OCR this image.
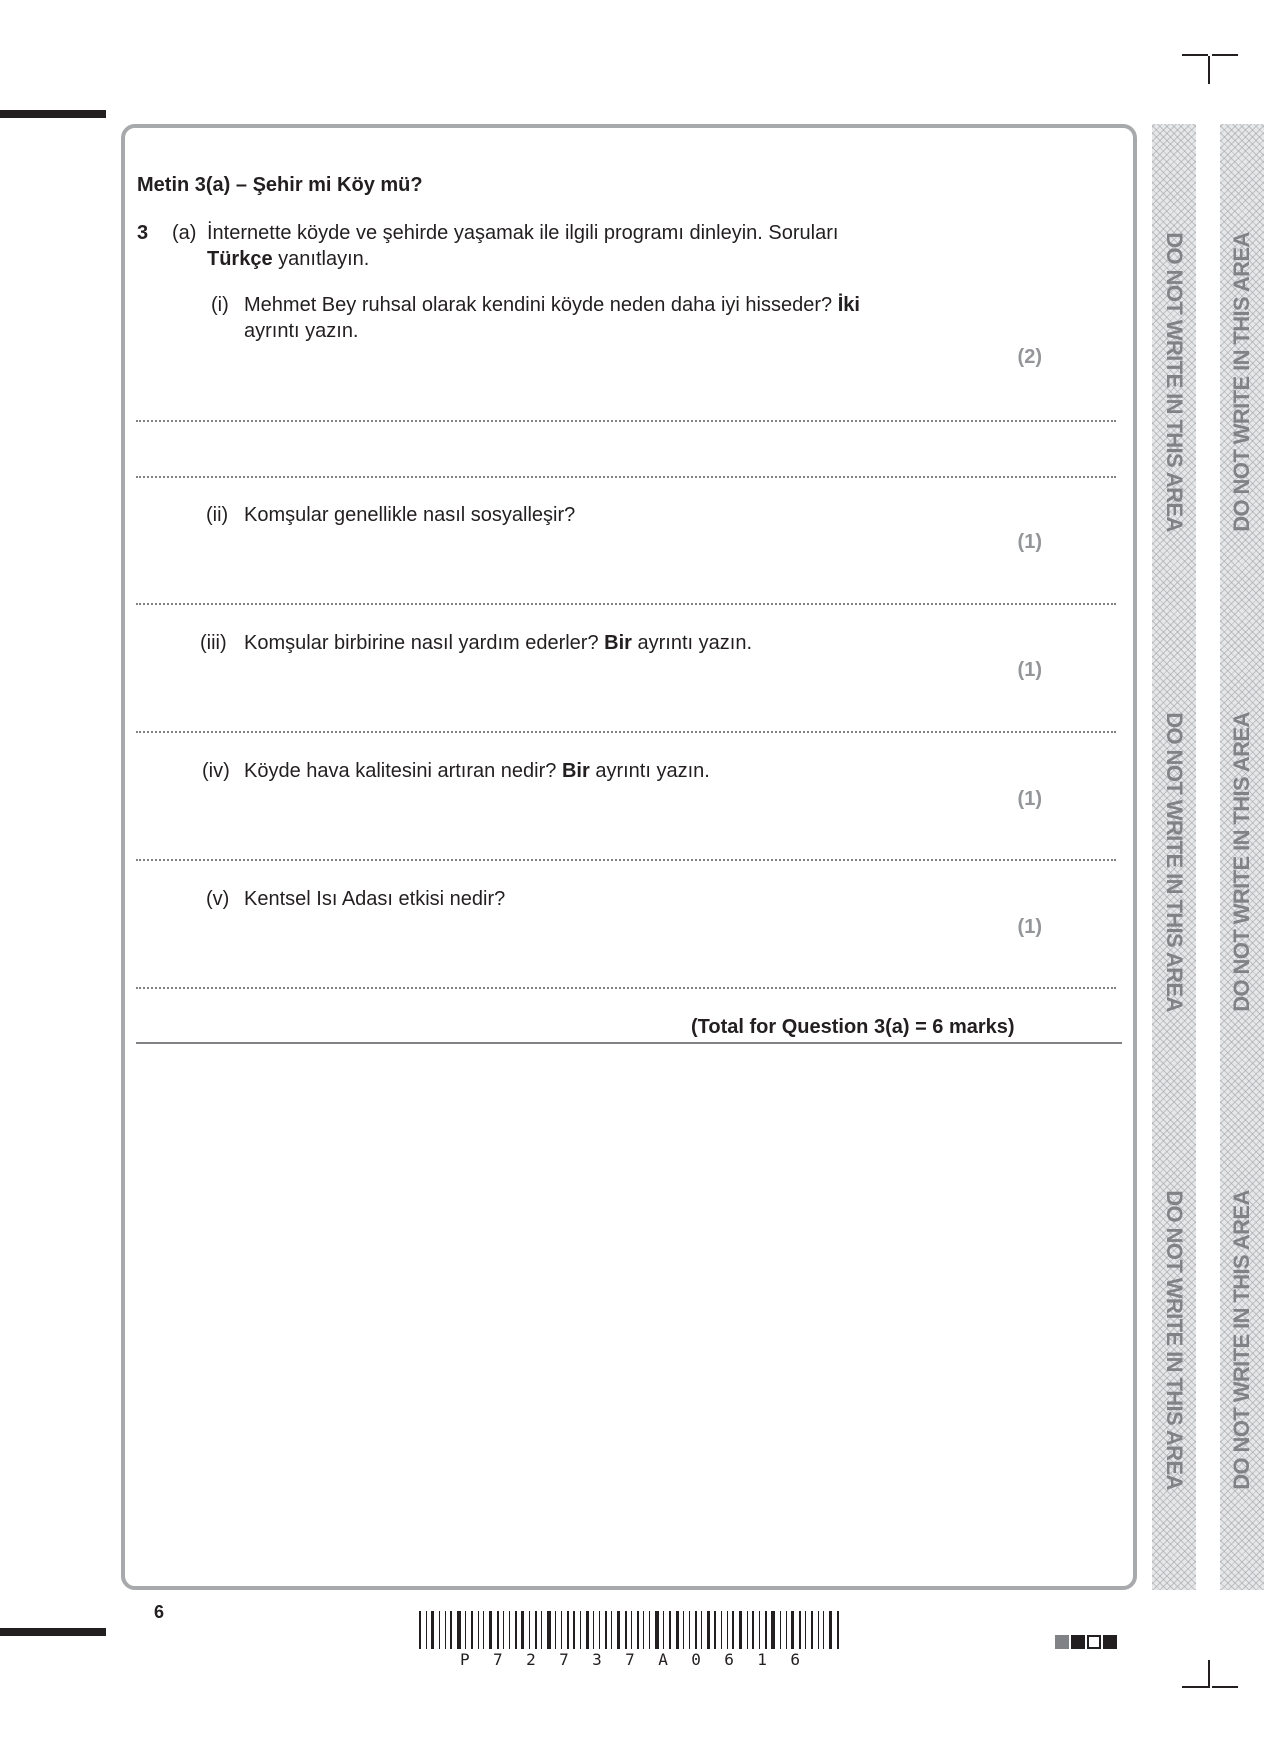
DO NOT WRITE IN THIS AREA
DO NOT WRITE IN THIS AREA
DO NOT WRITE IN THIS AREA
DO NOT WRITE IN THIS AREA
DO NOT WRITE IN THIS AREA
DO NOT WRITE IN THIS AREA
Metin 3(a) – Şehir mi Köy mü?
3 (a) İnternette köyde ve şehirde yaşamak ile ilgili programı dinleyin. Soruları
Türkçe yanıtlayın.
(i) Mehmet Bey ruhsal olarak kendini köyde neden daha iyi hisseder? İki
ayrıntı yazın.
(2)
(ii) Komşular genellikle nasıl sosyalleşir?
(1)
(iii) Komşular birbirine nasıl yardım ederler? Bir ayrıntı yazın.
(1)
(iv) Köyde hava kalitesini artıran nedir? Bir ayrıntı yazın.
(1)
(v) Kentsel Isı Adası etkisi nedir?
(1)
(Total for Question 3(a) = 6 marks)
6
P 7 2 7 3 7 A 0 6 1 6
